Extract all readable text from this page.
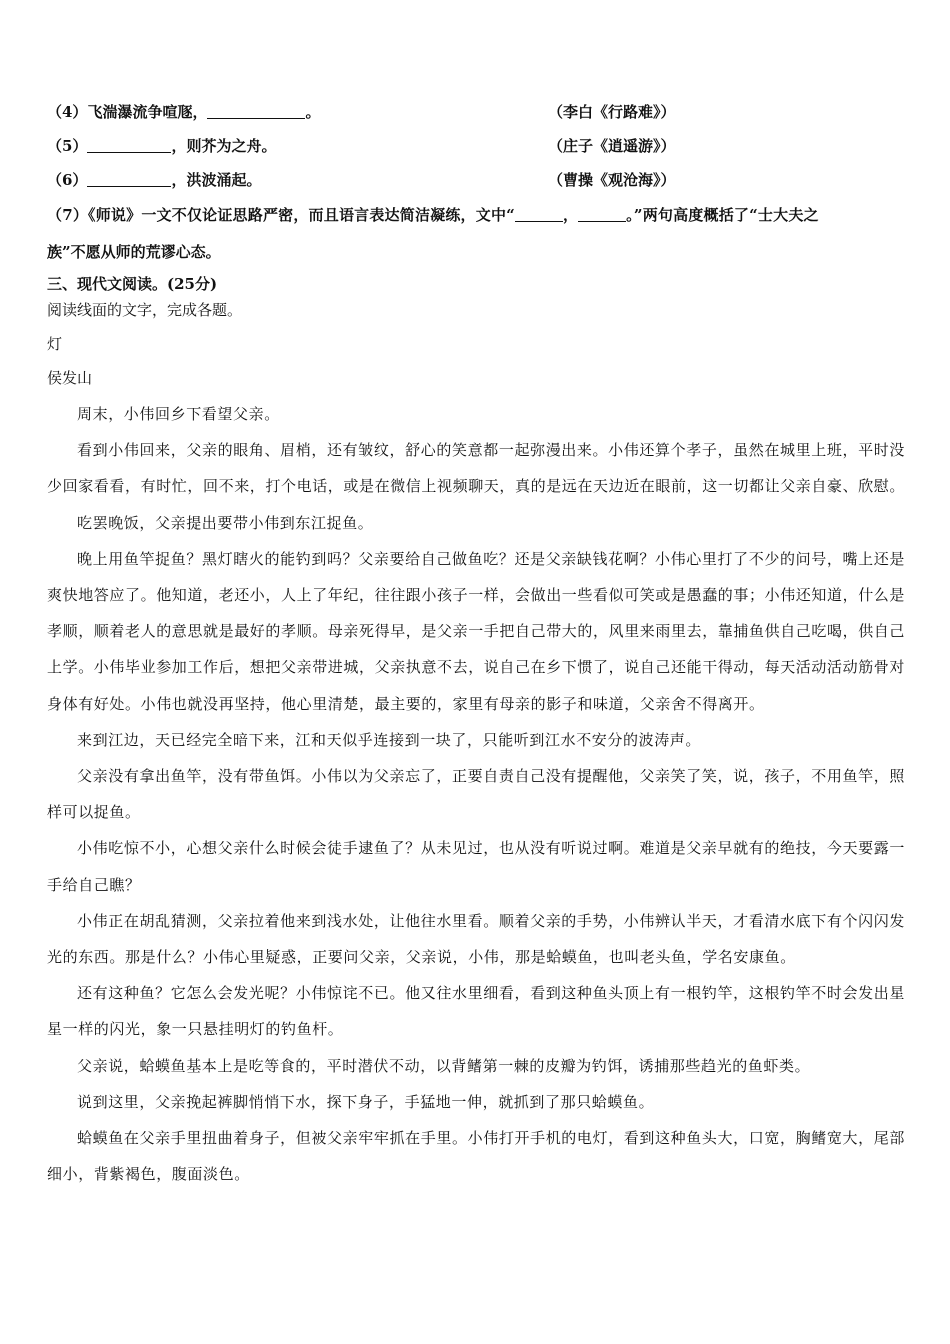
（4）飞湍瀑流争喧豗，	。	（李白《行路难》）
（5）	，则芥为之舟。	（庄子《逍遥游》）
（6）	，洪波涌起。	（曹操《观沧海》）
（7）《师说》一文不仅论证思路严密，而且语言表达简洁凝练，文中“	，	。”两句高度概括了“士大夫之
族”不愿从师的荒谬心态。
三、现代文阅读。(25分)
阅读线面的文字，完成各题。
灯
侯发山

周末，小伟回乡下看望父亲。

看到小伟回来，父亲的眼角、眉梢，还有皱纹，舒心的笑意都一起弥漫出来。小伟还算个孝子，虽然在城里上班，平时没少回家看看，有时忙，回不来，打个电话，或是在微信上视频聊天，真的是远在天边近在眼前，这一切都让父亲自豪、欣慰。

吃罢晚饭，父亲提出要带小伟到东江捉鱼。

晚上用鱼竿捉鱼？黑灯瞎火的能钓到吗？父亲要给自己做鱼吃？还是父亲缺钱花啊？小伟心里打了不少的问号，嘴上还是爽快地答应了。他知道，老还小，人上了年纪，往往跟小孩子一样，会做出一些看似可笑或是愚蠢的事；小伟还知道，什么是孝顺，顺着老人的意思就是最好的孝顺。母亲死得早，是父亲一手把自己带大的，风里来雨里去，靠捕鱼供自己吃喝，供自己上学。小伟毕业参加工作后，想把父亲带进城，父亲执意不去，说自己在乡下惯了，说自己还能干得动，每天活动活动筋骨对身体有好处。小伟也就没再坚持，他心里清楚，最主要的，家里有母亲的影子和味道，父亲舍不得离开。

来到江边，天已经完全暗下来，江和天似乎连接到一块了，只能听到江水不安分的波涛声。

父亲没有拿出鱼竿，没有带鱼饵。小伟以为父亲忘了，正要自责自己没有提醒他，父亲笑了笑，说，孩子，不用鱼竿，照样可以捉鱼。

小伟吃惊不小，心想父亲什么时候会徒手逮鱼了？从未见过，也从没有听说过啊。难道是父亲早就有的绝技，今天要露一手给自己瞧？

小伟正在胡乱猜测，父亲拉着他来到浅水处，让他往水里看。顺着父亲的手势，小伟辨认半天，才看清水底下有个闪闪发光的东西。那是什么？小伟心里疑惑，正要问父亲，父亲说，小伟，那是蛤蟆鱼，也叫老头鱼，学名安康鱼。

还有这种鱼？它怎么会发光呢？小伟惊诧不已。他又往水里细看，看到这种鱼头顶上有一根钓竿，这根钓竿不时会发出星星一样的闪光，象一只悬挂明灯的钓鱼杆。

父亲说，蛤蟆鱼基本上是吃等食的，平时潜伏不动，以背鳍第一棘的皮瓣为钓饵，诱捕那些趋光的鱼虾类。

说到这里，父亲挽起裤脚悄悄下水，探下身子，手猛地一伸，就抓到了那只蛤蟆鱼。

蛤蟆鱼在父亲手里扭曲着身子，但被父亲牢牢抓在手里。小伟打开手机的电灯，看到这种鱼头大，口宽，胸鳍宽大，尾部细小，背紫褐色，腹面淡色。
